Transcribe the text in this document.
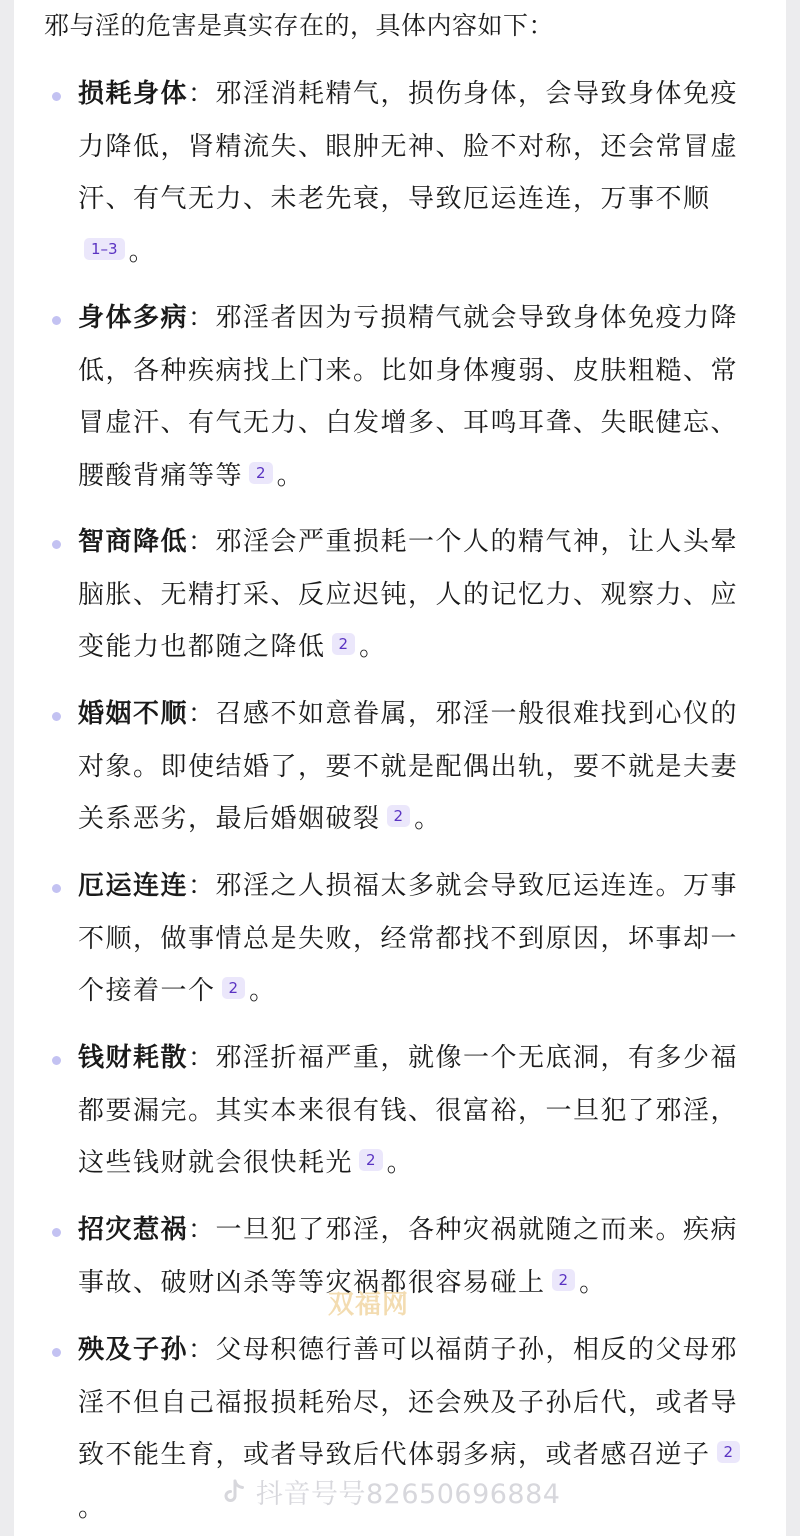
邪与淫的危害是真实存在的，具体内容如下：
损耗身体：邪淫消耗精气，损伤身体，会导致身体免疫力降低，肾精流失、眼肿无神、脸不对称，还会常冒虚汗、有气无力、未老先衰，导致厄运连连，万事不顺1–3 。
身体多病：邪淫者因为亏损精气就会导致身体免疫力降低，各种疾病找上门来。比如身体瘦弱、皮肤粗糙、常冒虚汗、有气无力、白发增多、耳鸣耳聋、失眠健忘、腰酸背痛等等 2 。
智商降低：邪淫会严重损耗一个人的精气神，让人头晕脑胀、无精打采、反应迟钝，人的记忆力、观察力、应变能力也都随之降低 2 。
婚姻不顺：召感不如意眷属，邪淫一般很难找到心仪的对象。即使结婚了，要不就是配偶出轨，要不就是夫妻关系恶劣，最后婚姻破裂 2 。
厄运连连：邪淫之人损福太多就会导致厄运连连。万事不顺，做事情总是失败，经常都找不到原因，坏事却一个接着一个 2 。
钱财耗散：邪淫折福严重，就像一个无底洞，有多少福都要漏完。其实本来很有钱、很富裕，一旦犯了邪淫，这些钱财就会很快耗光 2 。
招灾惹祸：一旦犯了邪淫，各种灾祸就随之而来。疾病事故、破财凶杀等等灾祸都很容易碰上 2 。
殃及子孙：父母积德行善可以福荫子孙，相反的父母邪淫不但自己福报损耗殆尽，还会殃及子孙后代，或者导致不能生育，或者导致后代体弱多病，或者感召逆子 2。
双福网
抖音号号82650696884
